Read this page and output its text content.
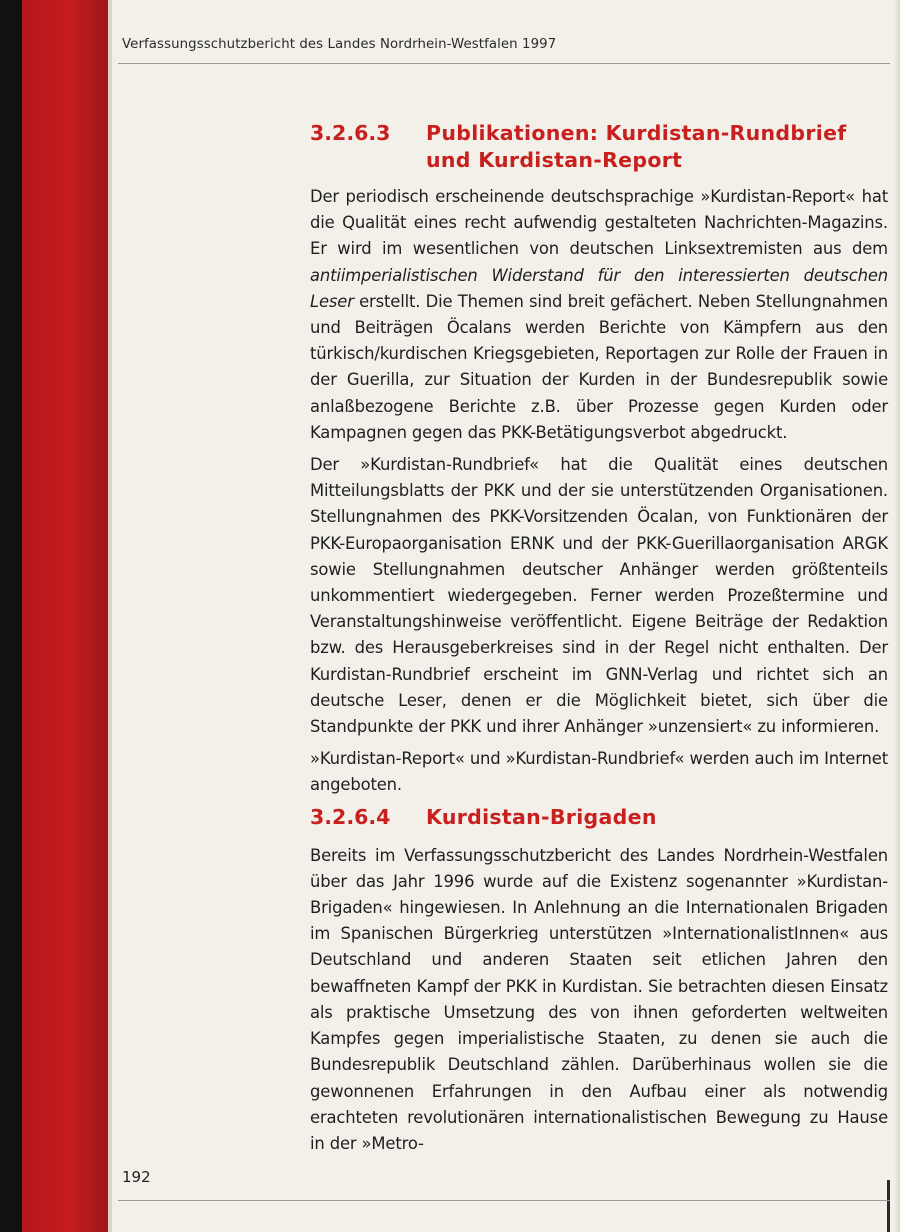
Verfassungsschutzbericht des Landes Nordrhein-Westfalen 1997
3.2.6.3	Publikationen: Kurdistan-Rundbrief und Kurdistan-Report

Der periodisch erscheinende deutschsprachige »Kurdistan-Report« hat die Qualität eines recht aufwendig gestalteten Nachrichten-Magazins. Er wird im wesentlichen von deutschen Linksextremisten aus dem antiimperialistischen Widerstand für den interessierten deutschen Leser erstellt. Die Themen sind breit gefächert. Neben Stellungnahmen und Beiträgen Öcalans werden Berichte von Kämpfern aus den türkisch/kurdischen Kriegsgebieten, Reportagen zur Rolle der Frauen in der Guerilla, zur Situation der Kurden in der Bundesrepublik sowie anlaßbezogene Berichte z.B. über Prozesse gegen Kurden oder Kampagnen gegen das PKK-Betätigungsverbot abgedruckt.

Der »Kurdistan-Rundbrief« hat die Qualität eines deutschen Mitteilungsblatts der PKK und der sie unterstützenden Organisationen. Stellungnahmen des PKK-Vorsitzenden Öcalan, von Funktionären der PKK-Europaorganisation ERNK und der PKK-Guerillaorganisation ARGK sowie Stellungnahmen deutscher Anhänger werden größtenteils unkommentiert wiedergegeben. Ferner werden Prozeßtermine und Veranstaltungshinweise veröffentlicht. Eigene Beiträge der Redaktion bzw. des Herausgeberkreises sind in der Regel nicht enthalten. Der Kurdistan-Rundbrief erscheint im GNN-Verlag und richtet sich an deutsche Leser, denen er die Möglichkeit bietet, sich über die Standpunkte der PKK und ihrer Anhänger »unzensiert« zu informieren.

»Kurdistan-Report« und »Kurdistan-Rundbrief« werden auch im Internet angeboten.

3.2.6.4	Kurdistan-Brigaden

Bereits im Verfassungsschutzbericht des Landes Nordrhein-Westfalen über das Jahr 1996 wurde auf die Existenz sogenannter »Kurdistan-Brigaden« hingewiesen. In Anlehnung an die Internationalen Brigaden im Spanischen Bürgerkrieg unterstützen »InternationalistInnen« aus Deutschland und anderen Staaten seit etlichen Jahren den bewaffneten Kampf der PKK in Kurdistan. Sie betrachten diesen Einsatz als praktische Umsetzung des von ihnen geforderten weltweiten Kampfes gegen imperialistische Staaten, zu denen sie auch die Bundesrepublik Deutschland zählen. Darüberhinaus wollen sie die gewonnenen Erfahrungen in den Aufbau einer als notwendig erachteten revolutionären internationalistischen Bewegung zu Hause in der »Metro-

192
